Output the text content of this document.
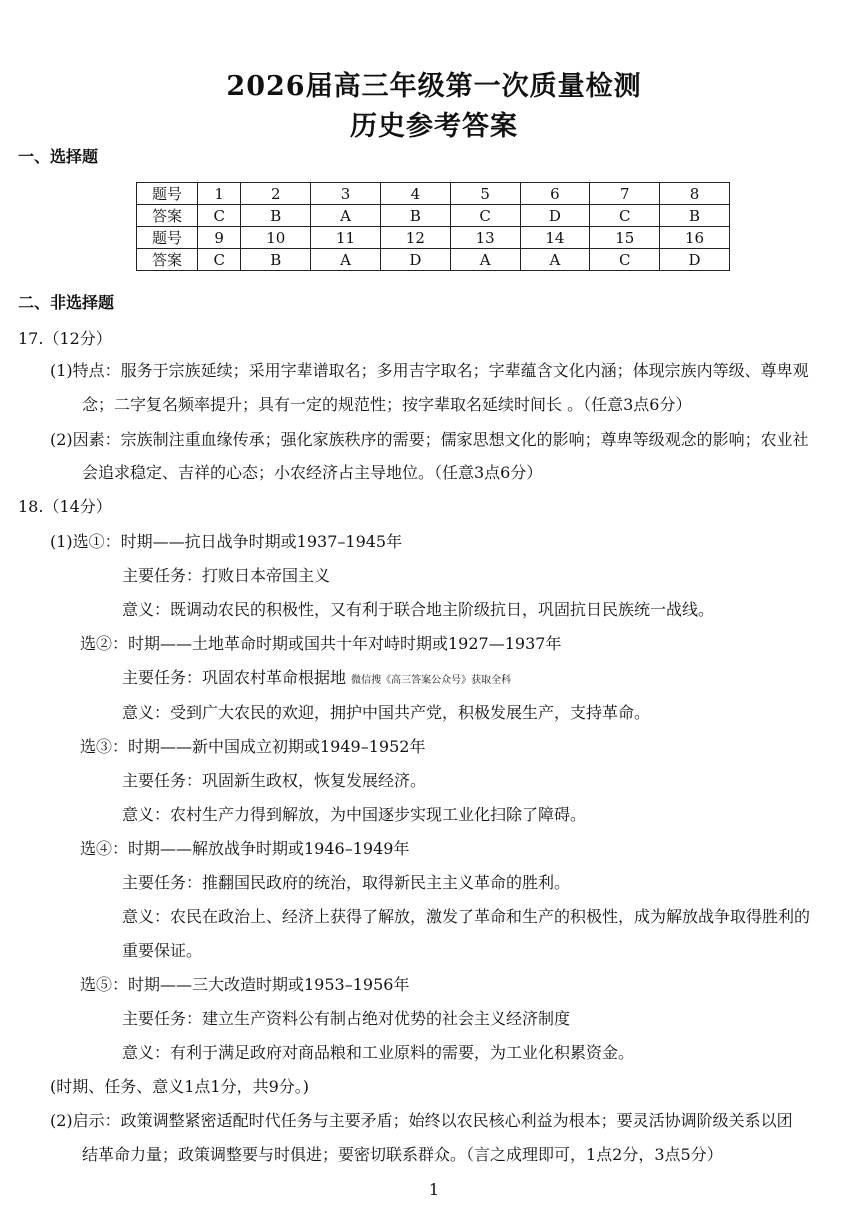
2026届高三年级第一次质量检测
历史参考答案
一、选择题
题号	1	2	3	4	5	6	7	8
答案	C	B	A	B	C	D	C	B
题号	9	10	11	12	13	14	15	16
答案	C	B	A	D	A	A	C	D
二、非选择题
17.（12分）
(1)特点：服务于宗族延续；采用字辈谱取名；多用吉字取名；字辈蕴含文化内涵；体现宗族内等级、尊卑观
念；二字复名频率提升；具有一定的规范性；按字辈取名延续时间长 。（任意3点6分）
(2)因素：宗族制注重血缘传承；强化家族秩序的需要；儒家思想文化的影响；尊卑等级观念的影响；农业社
会追求稳定、吉祥的心态；小农经济占主导地位。（任意3点6分）
18.（14分）
(1)选①：时期——抗日战争时期或1937–1945年
主要任务：打败日本帝国主义
意义：既调动农民的积极性，又有利于联合地主阶级抗日，巩固抗日民族统一战线。
选②：时期——土地革命时期或国共十年对峙时期或1927—1937年
主要任务：巩固农村革命根据地 微信搜《高三答案公众号》获取全科
意义：受到广大农民的欢迎，拥护中国共产党，积极发展生产，支持革命。
选③：时期——新中国成立初期或1949–1952年
主要任务：巩固新生政权，恢复发展经济。
意义：农村生产力得到解放，为中国逐步实现工业化扫除了障碍。
选④：时期——解放战争时期或1946–1949年
主要任务：推翻国民政府的统治，取得新民主主义革命的胜利。
意义：农民在政治上、经济上获得了解放，激发了革命和生产的积极性，成为解放战争取得胜利的
重要保证。
选⑤：时期——三大改造时期或1953–1956年
主要任务：建立生产资料公有制占绝对优势的社会主义经济制度
意义：有利于满足政府对商品粮和工业原料的需要，为工业化积累资金。
(时期、任务、意义1点1分，共9分。)
(2)启示：政策调整紧密适配时代任务与主要矛盾；始终以农民核心利益为根本；要灵活协调阶级关系以团
结革命力量；政策调整要与时俱进；要密切联系群众。（言之成理即可，1点2分，3点5分）
1
